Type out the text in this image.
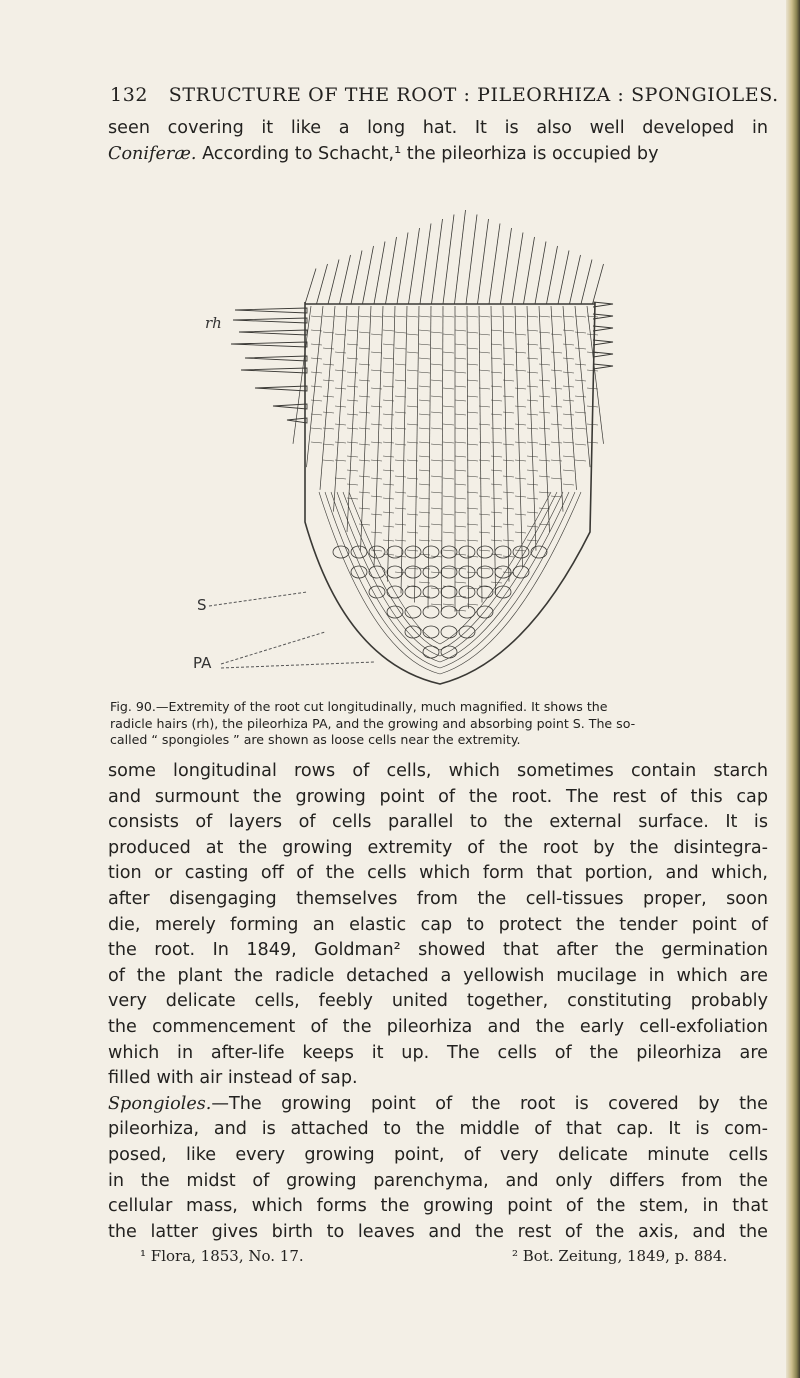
132 STRUCTURE OF THE ROOT : PILEORHIZA : SPONGIOLES.

seen covering it like a long hat. It is also well developed in
Coniferæ. According to Schacht,¹ the pileorhiza is occupied by

rh
S
PA

Fig. 90.—Extremity of the root cut longitudinally, much magnified. It shows the
radicle hairs (rh), the pileorhiza PA, and the growing and absorbing point S. The so-
called “ spongioles ” are shown as loose cells near the extremity.

some longitudinal rows of cells, which sometimes contain starch
and surmount the growing point of the root. The rest of this cap
consists of layers of cells parallel to the external surface. It is
produced at the growing extremity of the root by the disintegra-
tion or casting off of the cells which form that portion, and which,
after disengaging themselves from the cell-tissues proper, soon
die, merely forming an elastic cap to protect the tender point of
the root. In 1849, Goldman² showed that after the germination
of the plant the radicle detached a yellowish mucilage in which are
very delicate cells, feebly united together, constituting probably
the commencement of the pileorhiza and the early cell-exfoliation
which in after-life keeps it up. The cells of the pileorhiza are
filled with air instead of sap.

Spongioles.—The growing point of the root is covered by the
pileorhiza, and is attached to the middle of that cap. It is com-
posed, like every growing point, of very delicate minute cells
in the midst of growing parenchyma, and only differs from the
cellular mass, which forms the growing point of the stem, in that
the latter gives birth to leaves and the rest of the axis, and the

¹ Flora, 1853, No. 17.	² Bot. Zeitung, 1849, p. 884.
